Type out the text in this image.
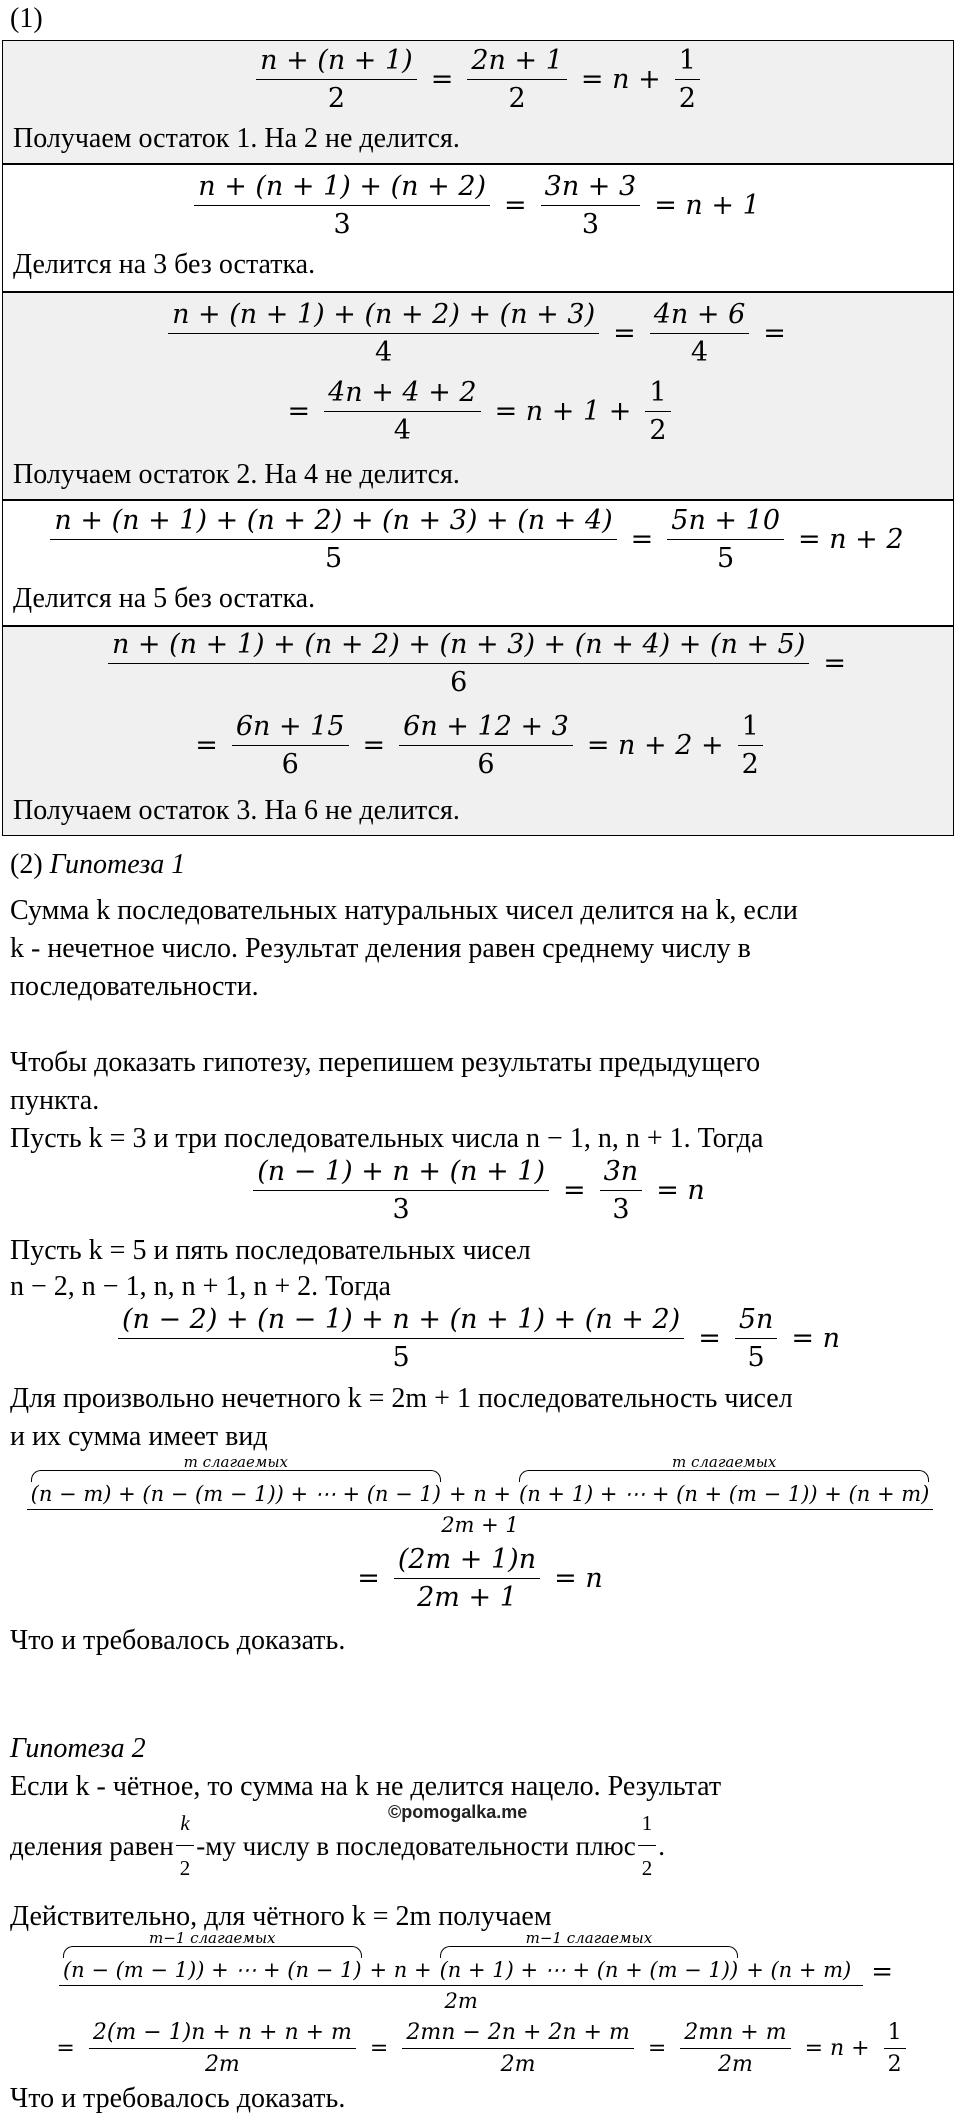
(1)
$\frac{n + (n + 1)}{2} = \frac{2n + 1}{2} = n + \frac{1}{2}$
Получаем остаток 1. На 2 не делится.
$\frac{n + (n + 1) + (n + 2)}{3} = \frac{3n + 3}{3} = n + 1$
Делится на 3 без остатка.
$\frac{n + (n + 1) + (n + 2) + (n + 3)}{4} = \frac{4n + 6}{4}$ =
= $\frac{4n + 4 + 2}{4} = n + 1 + \frac{1}{2}$
Получаем остаток 2. На 4 не делится.
$\frac{n + (n + 1) + (n + 2) + (n + 3) + (n + 4)}{5} = \frac{5n + 10}{5} = n + 2$
Делится на 5 без остатка.
$\frac{n + (n + 1) + (n + 2) + (n + 3) + (n + 4) + (n + 5)}{6}$ =
= $\frac{6n + 15}{6} = \frac{6n + 12 + 3}{6} = n + 2 + \frac{1}{2}$
Получаем остаток 3. На 6 не делится.
(2) Гипотеза 1
Сумма k последовательных натуральных чисел делится на k, если
k - нечетное число. Результат деления равен среднему числу в
последовательности.
Чтобы доказать гипотезу, перепишем результаты предыдущего
пункта.
Пусть k = 3 и три последовательных числа n − 1, n, n + 1. Тогда
$\frac{(n - 1) + n + (n + 1)}{3} = \frac{3n}{3} = n$
Пусть k = 5 и пять последовательных чисел
n − 2, n − 1, n, n + 1, n + 2. Тогда
$\frac{(n - 2) + (n - 1) + n + (n + 1) + (n + 2)}{5} = \frac{5n}{5} = n$
Для произвольно нечетного k = 2m + 1 последовательность чисел
и их сумма имеет вид
m слагаемых
(n − m) + (n − (m − 1)) + ⋯ + (n − 1) + n +
m слагаемых
(n + 1) + ⋯ + (n + (m − 1)) + (n + m)
2m + 1
= $\frac{(2m + 1)n}{2m + 1} = n$
Что и требовалось доказать.
Гипотеза 2
Если k - чётное, то сумма на k не делится нацело. Результат
деления равен $\frac{k}{2} -му$ числу в последовательности плюс $\frac{1}{2}$ .
©pomogalka.me
Действительно, для чётного k = 2m получаем
m−1 слагаемых
(n − (m − 1)) + ⋯ + (n − 1) + n +
m−1 слагаемых
(n + 1) + ⋯ + (n + (m − 1)) + (n + m)
2m
=
= $\frac{2(m - 1)n + n + n + m}{2m} = \frac{2mn - 2n + 2n + m}{2m} = \frac{2mn + m}{2m} = n + \frac{1}{2}$
Что и требовалось доказать.
